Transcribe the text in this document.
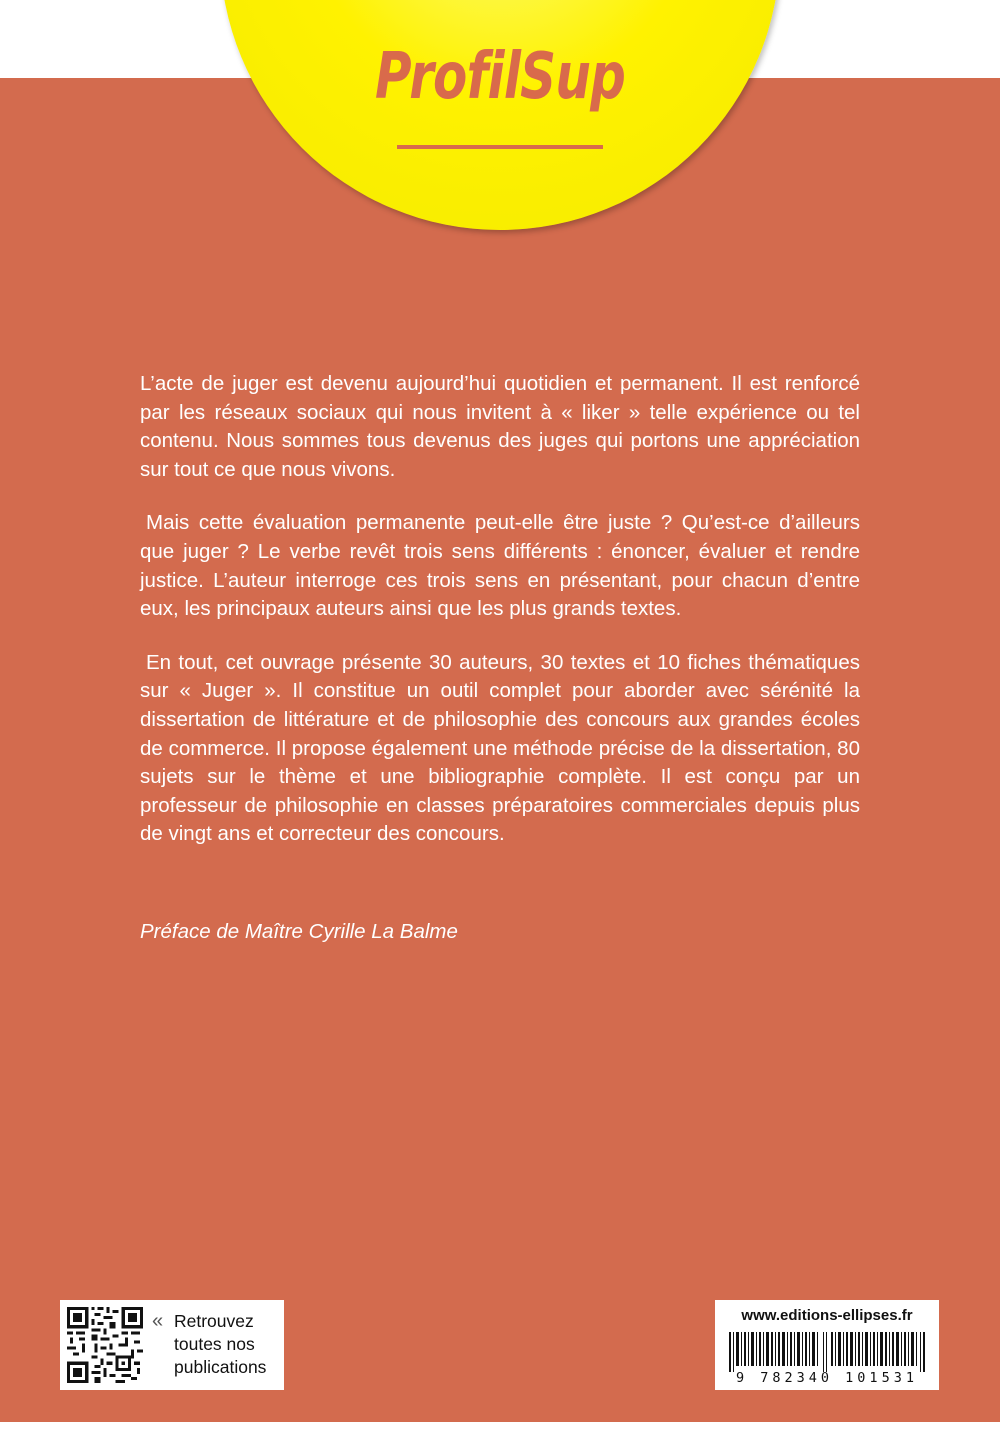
ProfilSup

L’acte de juger est devenu aujourd’hui quotidien et permanent. Il est renforcé par les réseaux sociaux qui nous invitent à « liker » telle expérience ou tel contenu. Nous sommes tous devenus des juges qui portons une appréciation sur tout ce que nous vivons.

Mais cette évaluation permanente peut-elle être juste ? Qu’est-ce d’ailleurs que juger ? Le verbe revêt trois sens différents : énoncer, évaluer et rendre justice. L’auteur interroge ces trois sens en présentant, pour chacun d’entre eux, les principaux auteurs ainsi que les plus grands textes.

En tout, cet ouvrage présente 30 auteurs, 30 textes et 10 fiches thématiques sur « Juger ». Il constitue un outil complet pour aborder avec sérénité la dissertation de littérature et de philosophie des concours aux grandes écoles de commerce. Il propose également une méthode précise de la dissertation, 80 sujets sur le thème et une bibliographie complète. Il est conçu par un professeur de philosophie en classes préparatoires commerciales depuis plus de vingt ans et correcteur des concours.

Préface de Maître Cyrille La Balme
« Retrouvez
toutes nos
publications
www.editions-ellipses.fr
9 782340 101531
